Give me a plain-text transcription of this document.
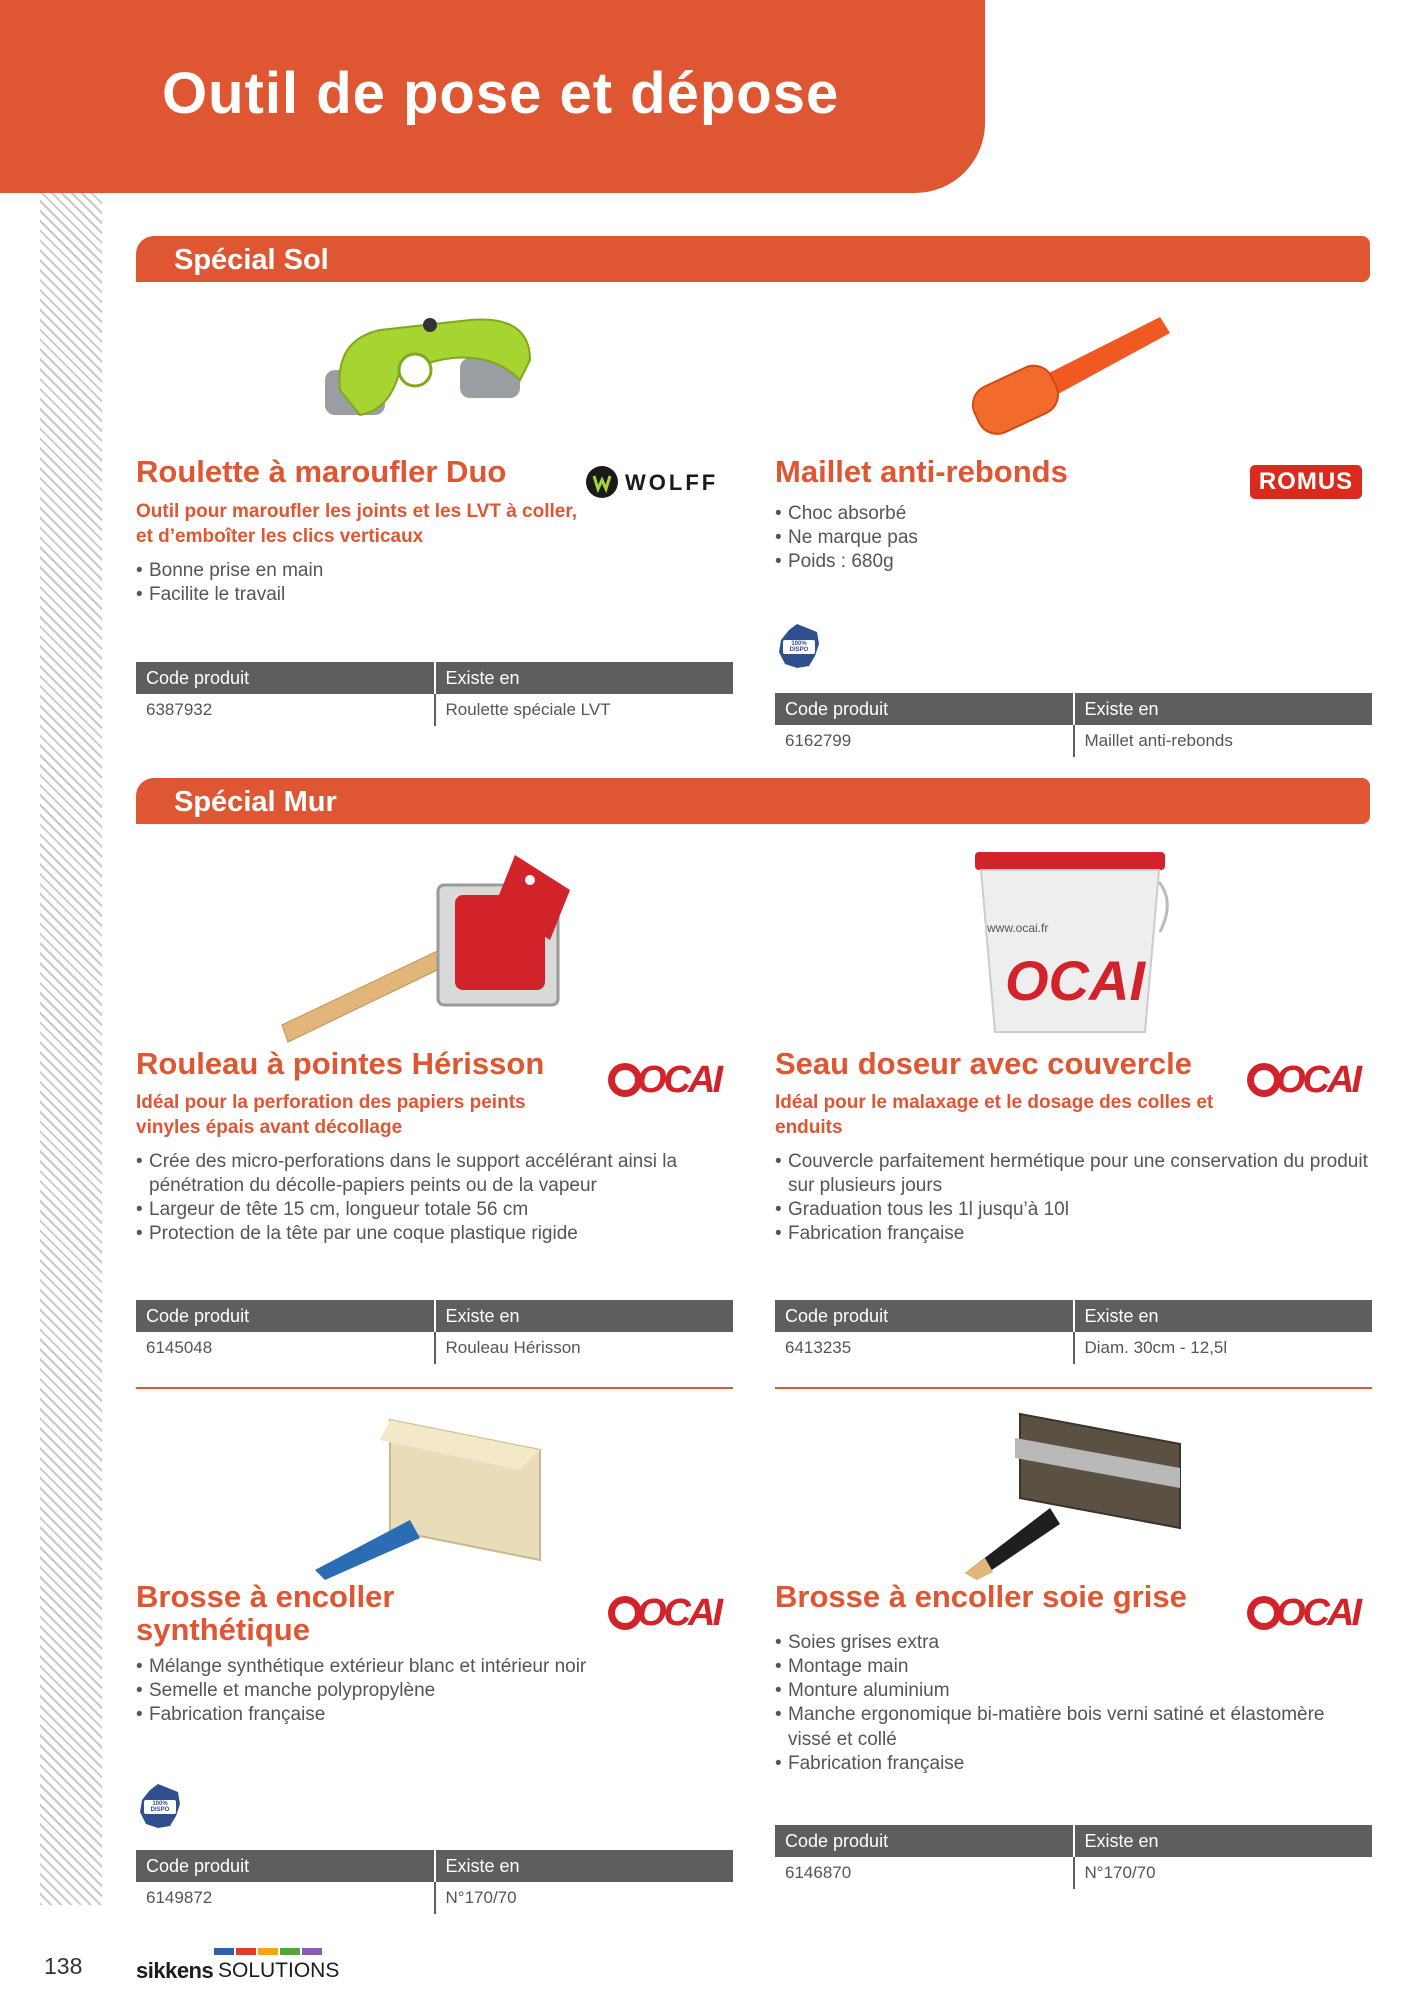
Outil de pose et dépose
Spécial Sol
Roulette à maroufler Duo	WOLFF

Outil pour maroufler les joints et les LVT à coller, et d’emboîter les clics verticaux

• Bonne prise en main
• Facilite le travail
Code produit	Existe en
6387932	Roulette spéciale LVT
Maillet anti-rebonds	ROMUS
• Choc absorbé
• Ne marque pas
• Poids : 680g
100% DISPO
Code produit	Existe en
6162799	Maillet anti-rebonds
Spécial Mur
Rouleau à pointes Hérisson	OCAI

Idéal pour la perforation des papiers peints vinyles épais avant décollage

• Crée des micro-perforations dans le support accélérant ainsi la pénétration du décolle-papiers peints ou de la vapeur
• Largeur de tête 15 cm, longueur totale 56 cm
• Protection de la tête par une coque plastique rigide
Code produit	Existe en
6145048	Rouleau Hérisson
OCAI
www.ocai.fr
Seau doseur avec couvercle	OCAI

Idéal pour le malaxage et le dosage des colles et enduits

• Couvercle parfaitement hermétique pour une conservation du produit sur plusieurs jours
• Graduation tous les 1l jusqu’à 10l
• Fabrication française
Code produit	Existe en
6413235	Diam. 30cm - 12,5l
Brosse à encoller synthétique	OCAI
• Mélange synthétique extérieur blanc et intérieur noir
• Semelle et manche polypropylène
• Fabrication française
100% DISPO
Code produit	Existe en
6149872	N°170/70
Brosse à encoller soie grise	OCAI
• Soies grises extra
• Montage main
• Monture aluminium
• Manche ergonomique bi-matière bois verni satiné et élastomère vissé et collé
• Fabrication française
Code produit	Existe en
6146870	N°170/70
138 sikkens SOLUTIONS
